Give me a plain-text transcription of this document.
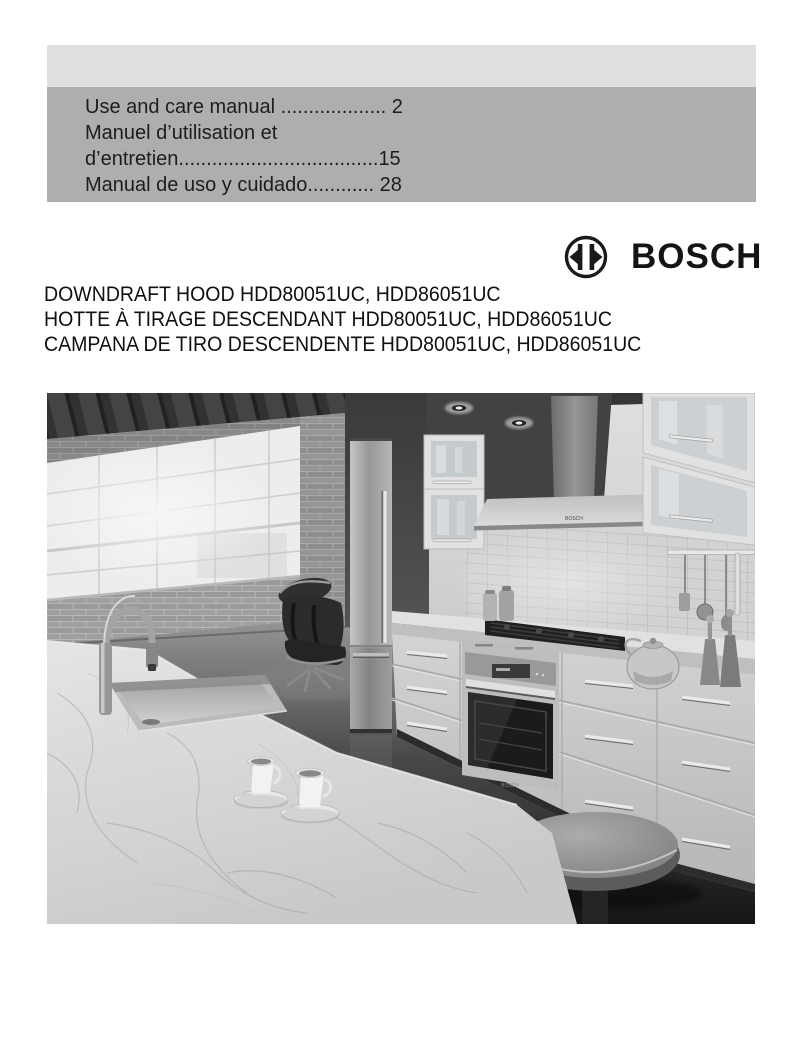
Use and care manual ................... 2
Manuel d’utilisation et
d’entretien....................................15
Manual de uso y cuidado............ 28
BOSCH
DOWNDRAFT HOOD HDD80051UC, HDD86051UC
HOTTE À TIRAGE DESCENDANT HDD80051UC, HDD86051UC
CAMPANA DE TIRO DESCENDENTE HDD80051UC, HDD86051UC
BOSCH
BOSCH
